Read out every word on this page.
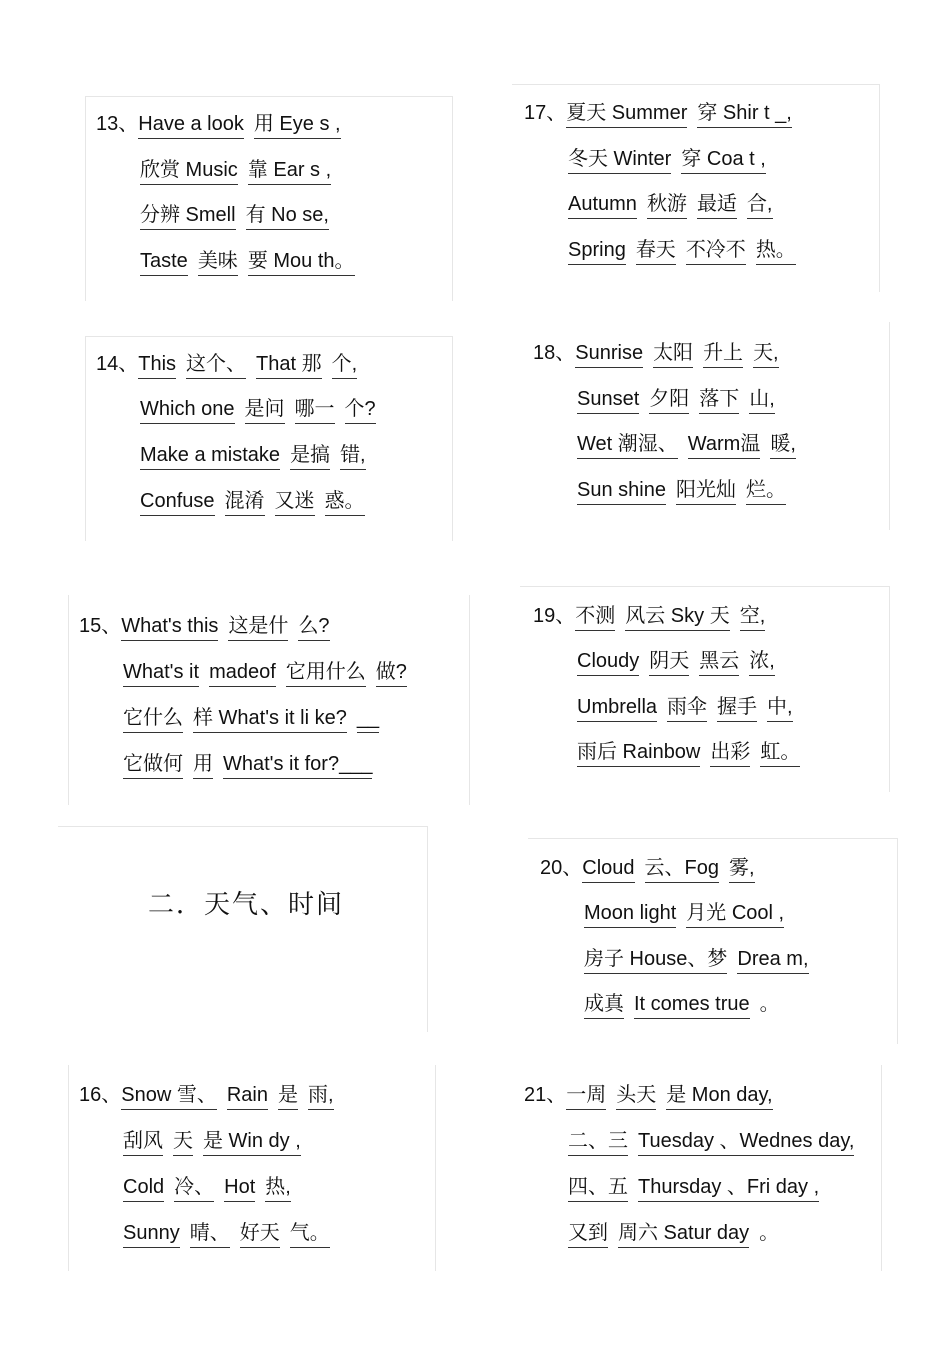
二．天气、时间
13、Have a look 用 Eye s ,
欣赏 Music 靠 Ear s ,
分辨 Smell 有 No se,
Taste 美味 要 Mou th。
17、夏天 Summer 穿 Shir t _,
冬天 Winter 穿 Coa t ,
Autumn 秋游 最适 合,
Spring 春天 不冷不 热。
14、This 这个、 That 那 个,
Which one 是问 哪一 个?
Make a mistake 是搞 错,
Confuse 混淆 又迷 惑。
18、Sunrise 太阳 升上 天,
Sunset 夕阳 落下 山,
Wet 潮湿、 Warm温 暖,
Sun shine 阳光灿 烂。
15、What's this 这是什 么?
What's it madeof 它用什么 做?
它什么 样 What's it li ke? __
它做何 用 What's it for?___
19、不测 风云 Sky 天 空,
Cloudy 阴天 黑云 浓,
Umbrella 雨伞 握手 中,
雨后 Rainbow 出彩 虹。
20、Cloud 云、Fog 雾,
Moon light 月光 Cool ,
房子 House、梦 Drea m,
成真 It comes true 。
16、Snow 雪、 Rain 是 雨,
刮风 天 是 Win dy ,
Cold 冷、 Hot 热,
Sunny 晴、 好天 气。
21、一周 头天 是 Mon day,
二、三 Tuesday 、Wednes day,
四、五 Thursday 、Fri day ,
又到 周六 Satur day 。
